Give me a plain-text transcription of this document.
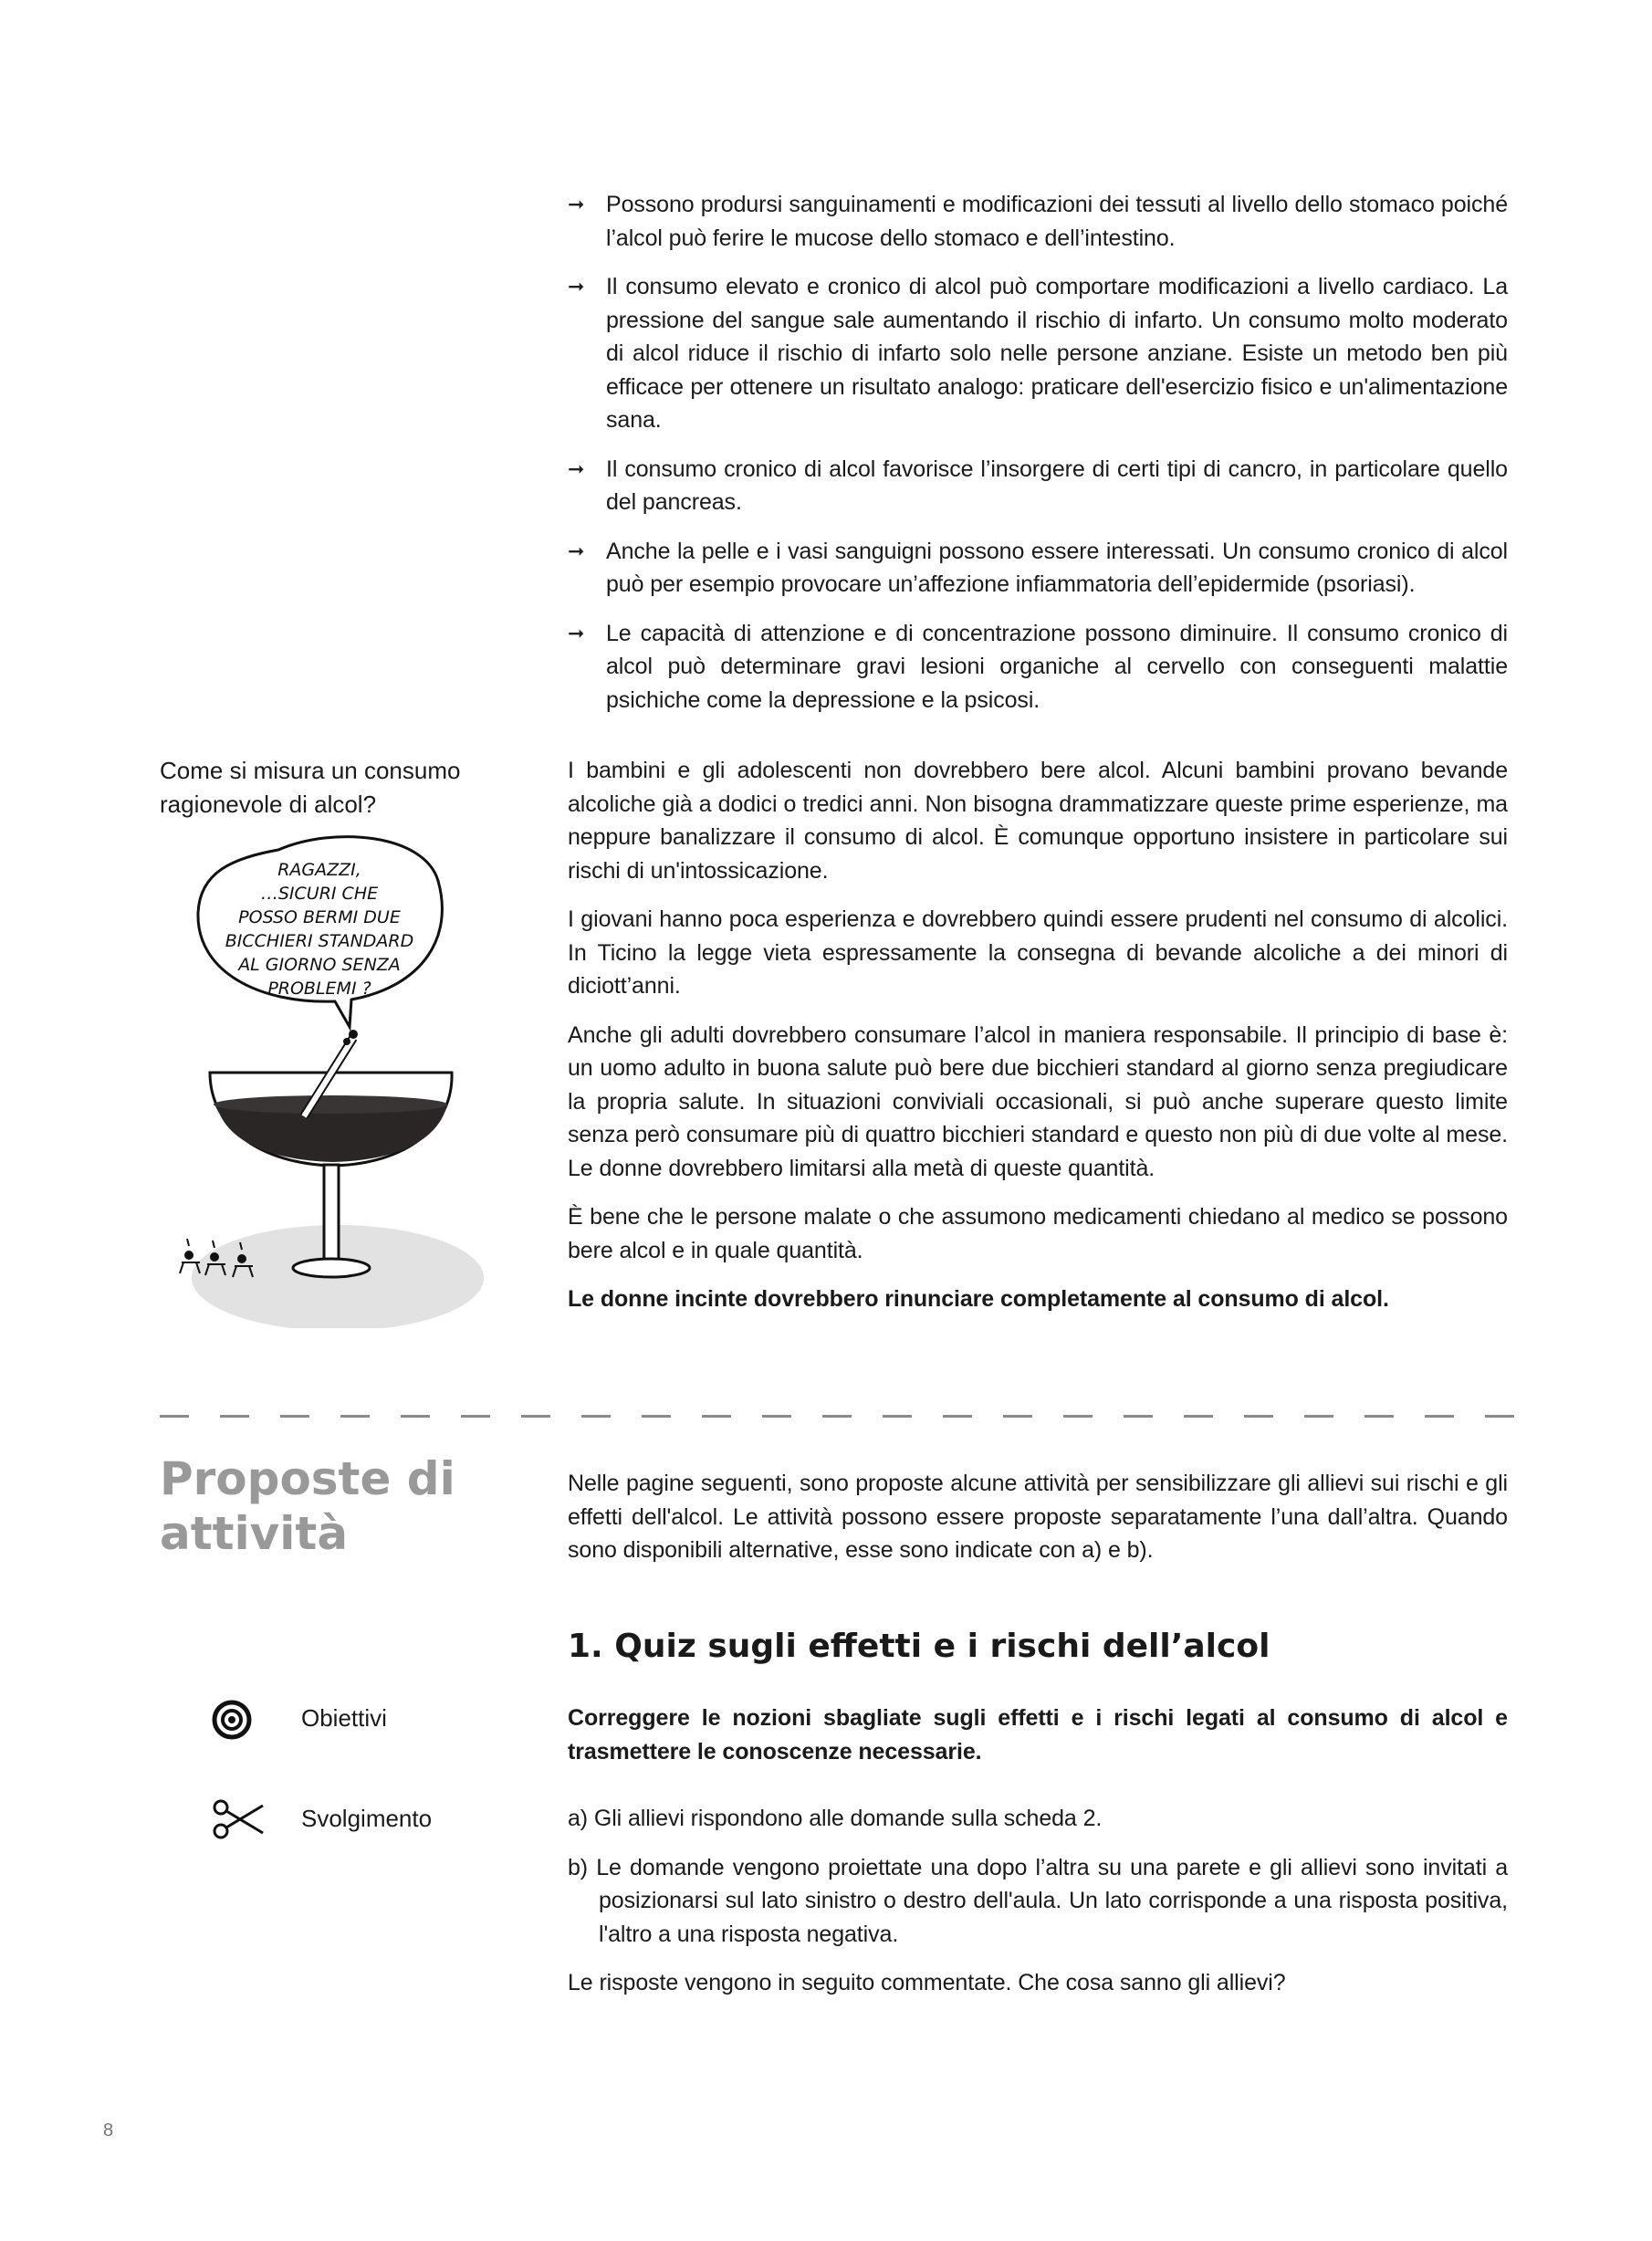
➞ Possono prodursi sanguinamenti e modificazioni dei tessuti al livello dello stomaco poiché l’alcol può ferire le mucose dello stomaco e dell’intestino.
➞ Il consumo elevato e cronico di alcol può comportare modificazioni a livello cardiaco. La pressione del sangue sale aumentando il rischio di infarto. Un consumo molto moderato di alcol riduce il rischio di infarto solo nelle persone anziane. Esiste un metodo ben più efficace per ottenere un risultato analogo: praticare dell'esercizio fisico e un'alimentazione sana.
➞ Il consumo cronico di alcol favorisce l’insorgere di certi tipi di cancro, in particolare quello del pancreas.
➞ Anche la pelle e i vasi sanguigni possono essere interessati. Un consumo cronico di alcol può per esempio provocare un’affezione infiammatoria dell’epidermide (psoriasi).
➞ Le capacità di attenzione e di concentrazione possono diminuire. Il consumo cronico di alcol può determinare gravi lesioni organiche al cervello con conseguenti malattie psichiche come la depressione e la psicosi.
Come si misura un consumo ragionevole di alcol?
RAGAZZI,
…SICURI CHE
POSSO BERMI DUE
BICCHIERI STANDARD
AL GIORNO SENZA
PROBLEMI ?

I bambini e gli adolescenti non dovrebbero bere alcol. Alcuni bambini provano bevande alcoliche già a dodici o tredici anni. Non bisogna drammatizzare queste prime esperienze, ma neppure banalizzare il consumo di alcol. È comunque opportuno insistere in particolare sui rischi di un'intossicazione.

I giovani hanno poca esperienza e dovrebbero quindi essere prudenti nel consumo di alcolici. In Ticino la legge vieta espressamente la consegna di bevande alcoliche a dei minori di diciott’anni.

Anche gli adulti dovrebbero consumare l’alcol in maniera responsabile. Il principio di base è: un uomo adulto in buona salute può bere due bicchieri standard al giorno senza pregiudicare la propria salute. In situazioni conviviali occasionali, si può anche superare questo limite senza però consumare più di quattro bicchieri standard e questo non più di due volte al mese. Le donne dovrebbero limitarsi alla metà di queste quantità.

È bene che le persone malate o che assumono medicamenti chiedano al medico se possono bere alcol e in quale quantità.

Le donne incinte dovrebbero rinunciare completamente al consumo di alcol.

Proposte di
attività

Nelle pagine seguenti, sono proposte alcune attività per sensibilizzare gli allievi sui rischi e gli effetti dell'alcol. Le attività possono essere proposte separatamente l’una dall’altra. Quando sono disponibili alternative, esse sono indicate con a) e b).

1. Quiz sugli effetti e i rischi dell’alcol
Obiettivi	Correggere le nozioni sbagliate sugli effetti e i rischi legati al consumo di alcol e trasmettere le conoscenze necessarie.

Svolgimento	a) Gli allievi rispondono alle domande sulla scheda 2.

b) Le domande vengono proiettate una dopo l’altra su una parete e gli allievi sono invitati a posizionarsi sul lato sinistro o destro dell'aula. Un lato corrisponde a una risposta positiva, l'altro a una risposta negativa.

Le risposte vengono in seguito commentate. Che cosa sanno gli allievi?

8
